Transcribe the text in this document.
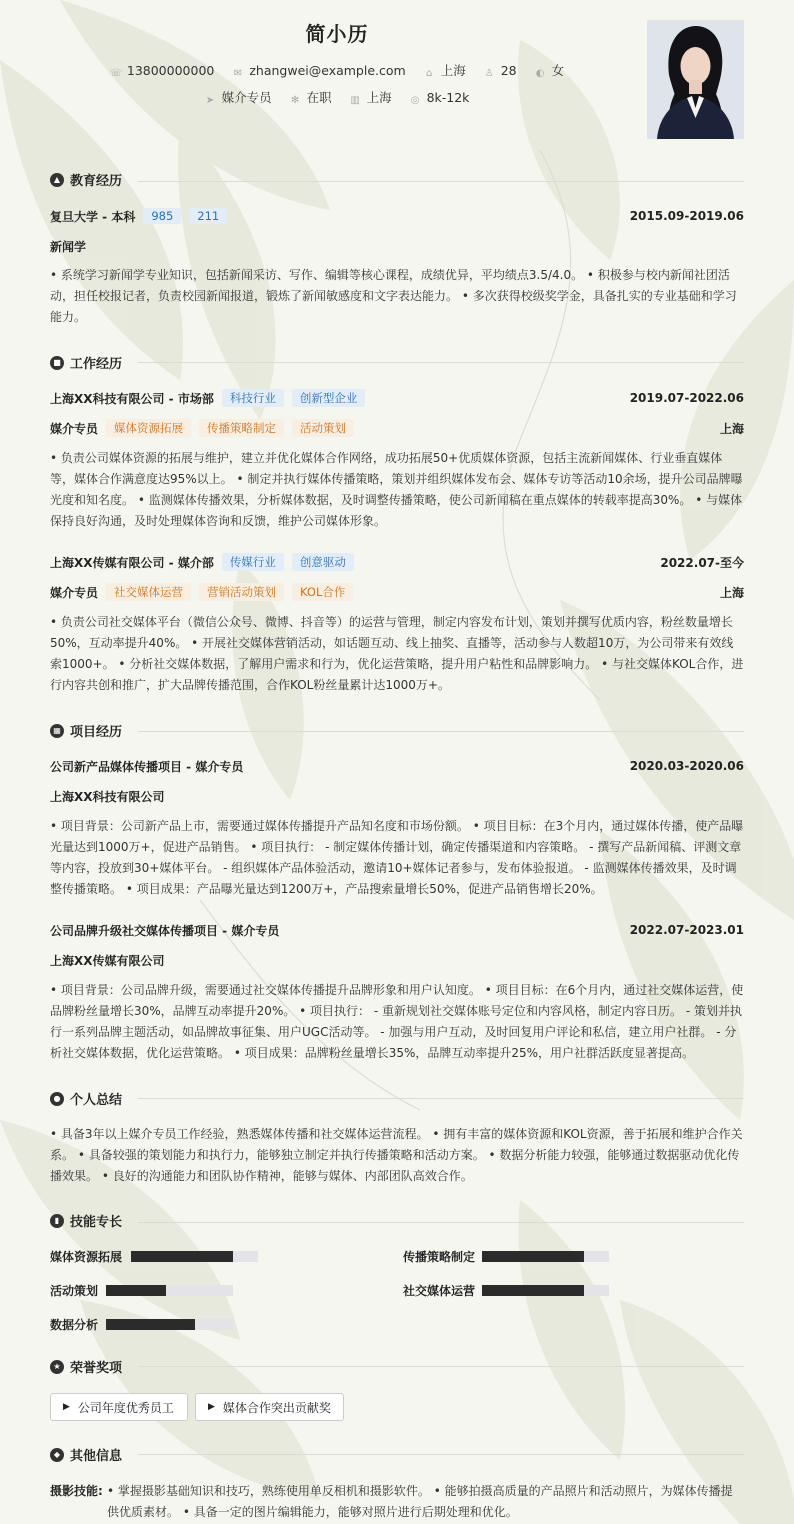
简小历
☏ 13800000000 ✉ zhangwei@example.com ⌂ 上海 ♙ 28 ◐ 女
➤ 媒介专员 ✻ 在职 ▥ 上海 ◎ 8k-12k
▲ 教育经历
复旦大学 - 本科	985	211	2015.09-2019.06
新闻学
• 系统学习新闻学专业知识，包括新闻采访、写作、编辑等核心课程，成绩优异，平均绩点3.5/4.0。 • 积极参与校内新闻社团活动，担任校报记者，负责校园新闻报道，锻炼了新闻敏感度和文字表达能力。 • 多次获得校级奖学金，具备扎实的专业基础和学习能力。
■ 工作经历
上海XX科技有限公司 - 市场部	科技行业	创新型企业	2019.07-2022.06
媒介专员	媒体资源拓展	传播策略制定	活动策划	上海
• 负责公司媒体资源的拓展与维护，建立并优化媒体合作网络，成功拓展50+优质媒体资源，包括主流新闻媒体、行业垂直媒体等，媒体合作满意度达95%以上。 • 制定并执行媒体传播策略，策划并组织媒体发布会、媒体专访等活动10余场，提升公司品牌曝光度和知名度。 • 监测媒体传播效果，分析媒体数据，及时调整传播策略，使公司新闻稿在重点媒体的转载率提高30%。 • 与媒体保持良好沟通，及时处理媒体咨询和反馈，维护公司媒体形象。
上海XX传媒有限公司 - 媒介部	传媒行业	创意驱动	2022.07-至今
媒介专员	社交媒体运营	营销活动策划	KOL合作	上海
• 负责公司社交媒体平台（微信公众号、微博、抖音等）的运营与管理，制定内容发布计划，策划并撰写优质内容，粉丝数量增长50%，互动率提升40%。 • 开展社交媒体营销活动，如话题互动、线上抽奖、直播等，活动参与人数超10万，为公司带来有效线索1000+。 • 分析社交媒体数据，了解用户需求和行为，优化运营策略，提升用户粘性和品牌影响力。 • 与社交媒体KOL合作，进行内容共创和推广，扩大品牌传播范围，合作KOL粉丝量累计达1000万+。
▦ 项目经历
公司新产品媒体传播项目 - 媒介专员	2020.03-2020.06
上海XX科技有限公司
• 项目背景：公司新产品上市，需要通过媒体传播提升产品知名度和市场份额。 • 项目目标：在3个月内，通过媒体传播，使产品曝光量达到1000万+，促进产品销售。 • 项目执行： - 制定媒体传播计划，确定传播渠道和内容策略。 - 撰写产品新闻稿、评测文章等内容，投放到30+媒体平台。 - 组织媒体产品体验活动，邀请10+媒体记者参与，发布体验报道。 - 监测媒体传播效果，及时调整传播策略。 • 项目成果：产品曝光量达到1200万+，产品搜索量增长50%，促进产品销售增长20%。
公司品牌升级社交媒体传播项目 - 媒介专员	2022.07-2023.01
上海XX传媒有限公司
• 项目背景：公司品牌升级，需要通过社交媒体传播提升品牌形象和用户认知度。 • 项目目标：在6个月内，通过社交媒体运营，使品牌粉丝量增长30%，品牌互动率提升20%。 • 项目执行： - 重新规划社交媒体账号定位和内容风格，制定内容日历。 - 策划并执行一系列品牌主题活动，如品牌故事征集、用户UGC活动等。 - 加强与用户互动，及时回复用户评论和私信，建立用户社群。 - 分析社交媒体数据，优化运营策略。 • 项目成果：品牌粉丝量增长35%，品牌互动率提升25%，用户社群活跃度显著提高。
● 个人总结
• 具备3年以上媒介专员工作经验，熟悉媒体传播和社交媒体运营流程。 • 拥有丰富的媒体资源和KOL资源，善于拓展和维护合作关系。 • 具备较强的策划能力和执行力，能够独立制定并执行传播策略和活动方案。 • 数据分析能力较强，能够通过数据驱动优化传播效果。 • 良好的沟通能力和团队协作精神，能够与媒体、内部团队高效合作。
▮ 技能专长
媒体资源拓展	传播策略制定
活动策划	社交媒体运营
数据分析
★ 荣誉奖项
▶ 公司年度优秀员工	▶ 媒体合作突出贡献奖
◆ 其他信息
摄影技能: • 掌握摄影基础知识和技巧，熟练使用单反相机和摄影软件。 • 能够拍摄高质量的产品照片和活动照片，为媒体传播提供优质素材。 • 具备一定的图片编辑能力，能够对照片进行后期处理和优化。
